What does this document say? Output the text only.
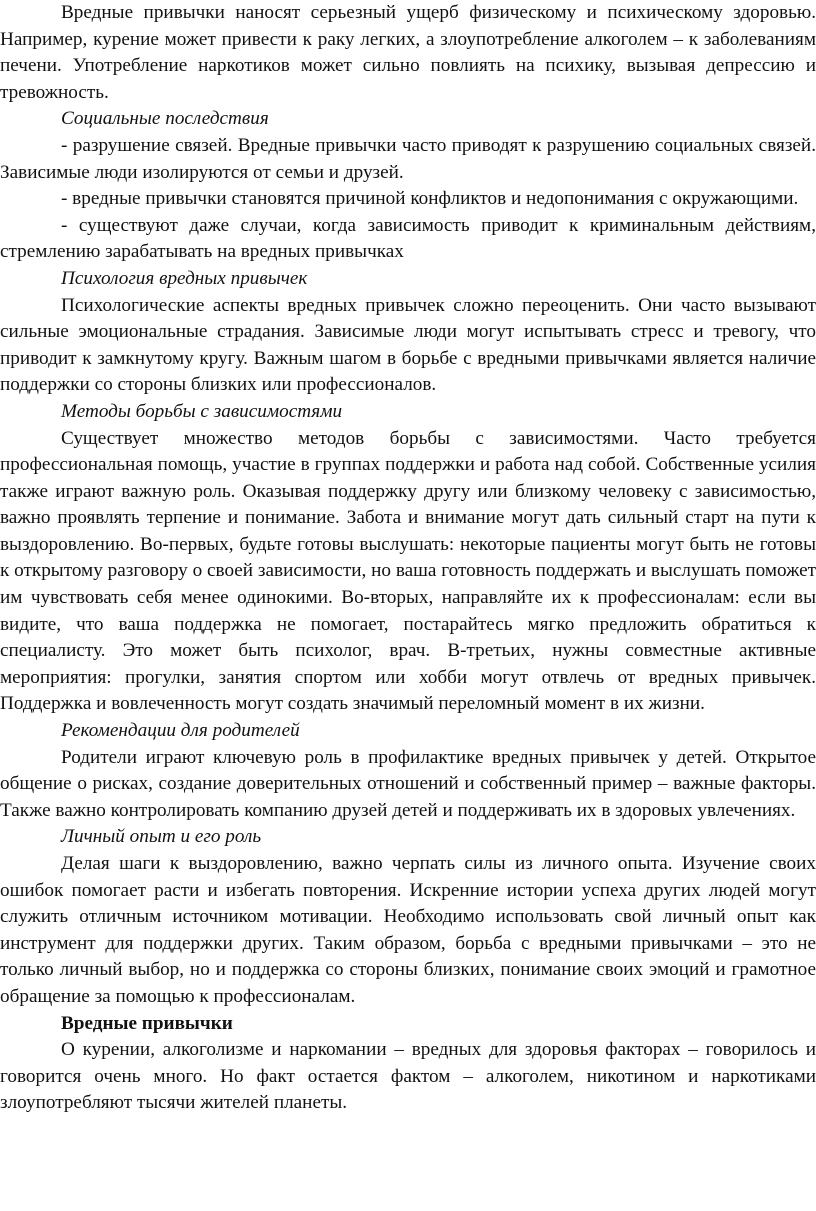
Вредные привычки наносят серьезный ущерб физическому и психическому здоровью. Например, курение может привести к раку легких, а злоупотребление алкоголем – к заболеваниям печени. Употребление наркотиков может сильно повлиять на психику, вызывая депрессию и тревожность.

Социальные последствия

- разрушение связей. Вредные привычки часто приводят к разрушению социальных связей. Зависимые люди изолируются от семьи и друзей.

- вредные привычки становятся причиной конфликтов и недопонимания с окружающими.

- существуют даже случаи, когда зависимость приводит к криминальным действиям, стремлению зарабатывать на вредных привычках

Психология вредных привычек

Психологические аспекты вредных привычек сложно переоценить. Они часто вызывают сильные эмоциональные страдания. Зависимые люди могут испытывать стресс и тревогу, что приводит к замкнутому кругу. Важным шагом в борьбе с вредными привычками является наличие поддержки со стороны близких или профессионалов.

Методы борьбы с зависимостями

Существует множество методов борьбы с зависимостями. Часто требуется профессиональная помощь, участие в группах поддержки и работа над собой. Собственные усилия также играют важную роль. Оказывая поддержку другу или близкому человеку с зависимостью, важно проявлять терпение и понимание. Забота и внимание могут дать сильный старт на пути к выздоровлению. Во-первых, будьте готовы выслушать: некоторые пациенты могут быть не готовы к открытому разговору о своей зависимости, но ваша готовность поддержать и выслушать поможет им чувствовать себя менее одинокими. Во-вторых, направляйте их к профессионалам: если вы видите, что ваша поддержка не помогает, постарайтесь мягко предложить обратиться к специалисту. Это может быть психолог, врач. В-третьих, нужны совместные активные мероприятия: прогулки, занятия спортом или хобби могут отвлечь от вредных привычек. Поддержка и вовлеченность могут создать значимый переломный момент в их жизни.

Рекомендации для родителей

Родители играют ключевую роль в профилактике вредных привычек у детей. Открытое общение о рисках, создание доверительных отношений и собственный пример – важные факторы. Также важно контролировать компанию друзей детей и поддерживать их в здоровых увлечениях.

Личный опыт и его роль

Делая шаги к выздоровлению, важно черпать силы из личного опыта. Изучение своих ошибок помогает расти и избегать повторения. Искренние истории успеха других людей могут служить отличным источником мотивации. Необходимо использовать свой личный опыт как инструмент для поддержки других. Таким образом, борьба с вредными привычками – это не только личный выбор, но и поддержка со стороны близких, понимание своих эмоций и грамотное обращение за помощью к профессионалам.

Вредные привычки

О курении, алкоголизме и наркомании – вредных для здоровья факторах – говорилось и говорится очень много. Но факт остается фактом – алкоголем, никотином и наркотиками злоупотребляют тысячи жителей планеты.
